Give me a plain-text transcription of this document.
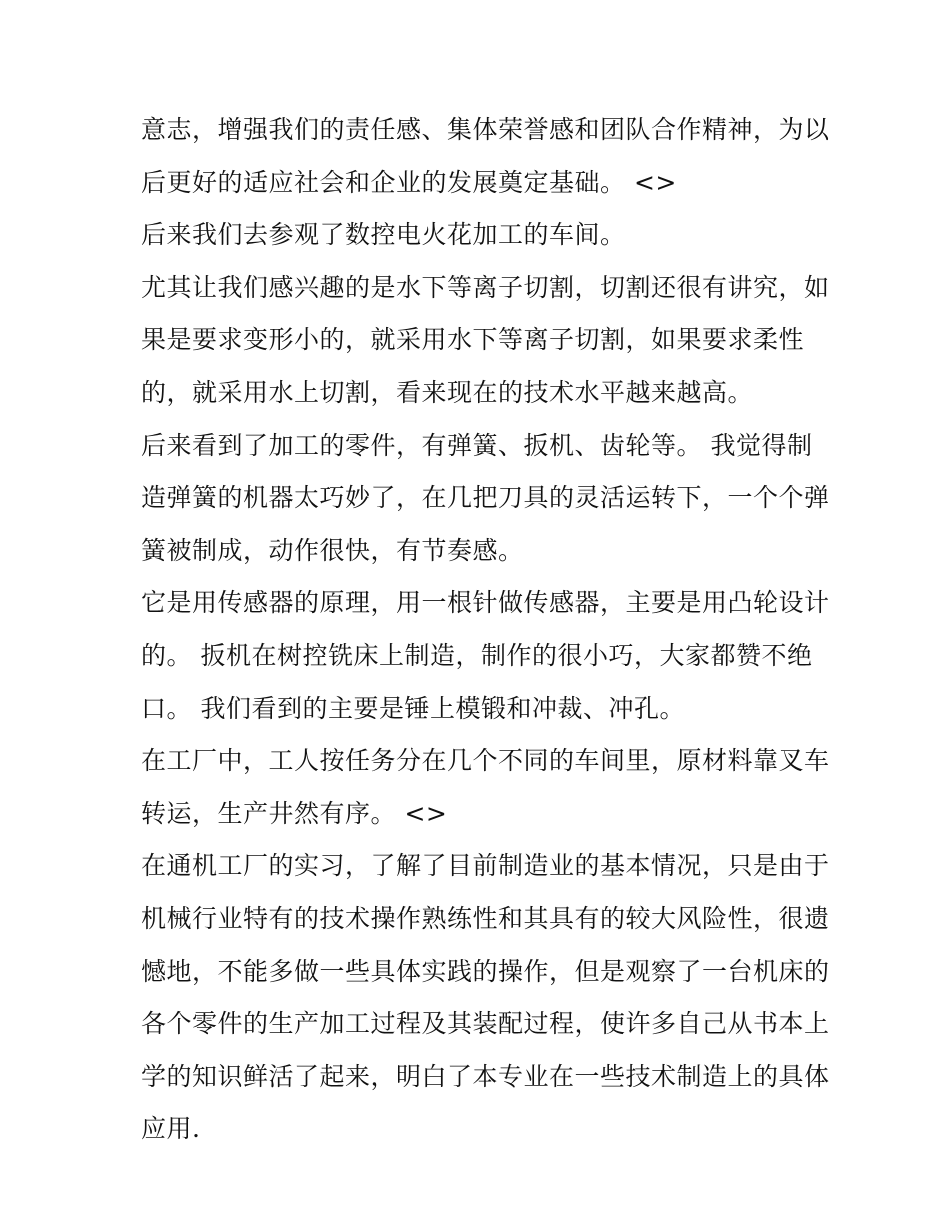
意志，增强我们的责任感、集体荣誉感和团队合作精神，为以
后更好的适应社会和企业的发展奠定基础。 <>
后来我们去参观了数控电火花加工的车间。
尤其让我们感兴趣的是水下等离子切割，切割还很有讲究，如
果是要求变形小的，就采用水下等离子切割，如果要求柔性
的，就采用水上切割，看来现在的技术水平越来越高。
后来看到了加工的零件，有弹簧、扳机、齿轮等。 我觉得制
造弹簧的机器太巧妙了，在几把刀具的灵活运转下，一个个弹
簧被制成，动作很快，有节奏感。
它是用传感器的原理，用一根针做传感器，主要是用凸轮设计
的。 扳机在树控铣床上制造，制作的很小巧，大家都赞不绝
口。 我们看到的主要是锤上模锻和冲裁、冲孔。
在工厂中，工人按任务分在几个不同的车间里，原材料靠叉车
转运，生产井然有序。 <>
在通机工厂的实习，了解了目前制造业的基本情况，只是由于
机械行业特有的技术操作熟练性和其具有的较大风险性，很遗
憾地，不能多做一些具体实践的操作，但是观察了一台机床的
各个零件的生产加工过程及其装配过程，使许多自己从书本上
学的知识鲜活了起来，明白了本专业在一些技术制造上的具体
应用.
